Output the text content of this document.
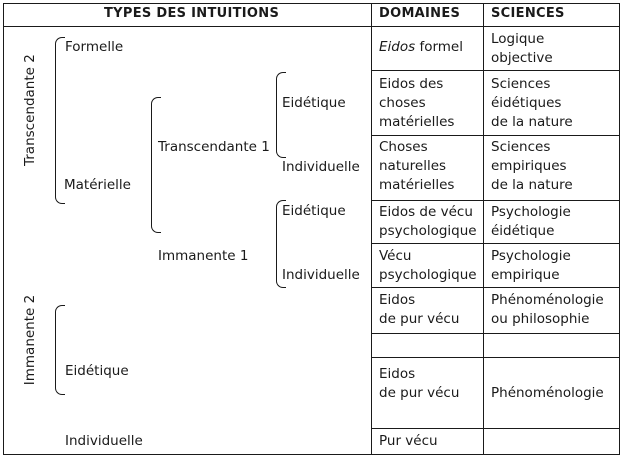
TYPES DES INTUITIONS	DOMAINES SCIENCES
Transcendante 2
Immanente 2
Formelle
Matérielle
Transcendante 1
Immanente 1
Eidétique
Individuelle
Eidétique
Individuelle
Eidétique
Individuelle
Eidos formel Logique
objective
Eidos des
choses
matérielles
Sciences
éidétiques
de la nature
Choses
naturelles
matérielles
Sciences
empiriques
de la nature
Eidos de vécu
psychologique
Psychologie
éidétique
Vécu
psychologique
Psychologie
empirique
Eidos
de pur vécu
Phénoménologie
ou philosophie
Eidos
de pur vécu Phénoménologie
Pur vécu
